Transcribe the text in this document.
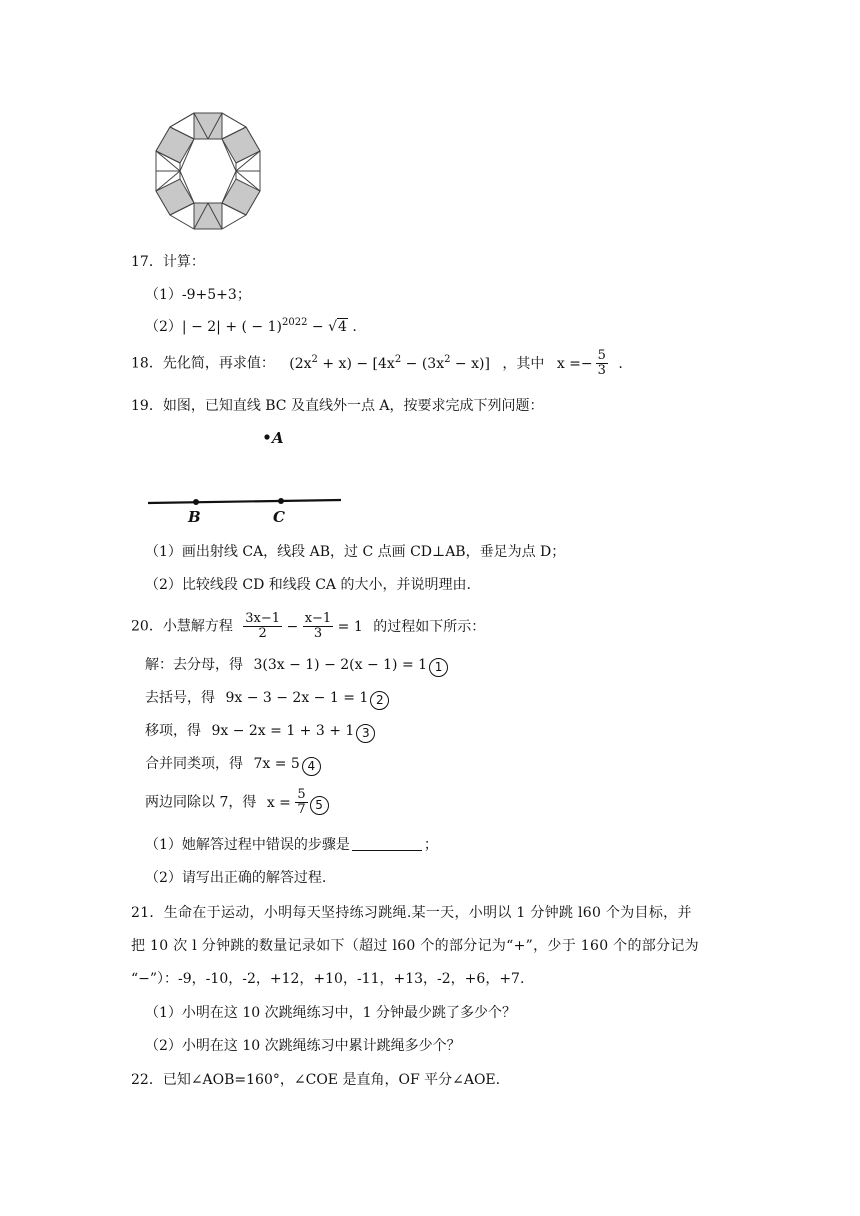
17．计算：
（1）-9+5+3；
（2）| − 2| + ( − 1)$^{2022}$ − √4 .
18．先化简，再求值： $(2x^2 + x) - [4x^2 - (3x^2 - x)]$ ，其中 $x =- \frac{5}{3}$ .
19．如图，已知直线 BC 及直线外一点 A，按要求完成下列问题：
A
B	C
（1）画出射线 CA，线段 AB，过 C 点画 CD⊥AB，垂足为点 D；
（2）比较线段 CD 和线段 CA 的大小，并说明理由.
20．小慧解方程 $\frac{3x-1}{2} - \frac{x-1}{3} = 1$ 的过程如下所示：
解：去分母，得 3(3x − 1) − 2(x − 1) = 1 1
去括号，得 9x − 3 − 2x − 1 = 1 2
移项，得 9x − 2x = 1 + 3 + 1 3
合并同类项，得 7x = 5 4
两边同除以 7，得 $x = \frac{5}{7} 5$
（1）她解答过程中错误的步骤是	；
（2）请写出正确的解答过程.
21．生命在于运动，小明每天坚持练习跳绳.某一天，小明以 1 分钟跳 l60 个为目标，并
把 10 次 l 分钟跳的数量记录如下（超过 l60 个的部分记为“+”，少于 160 个的部分记为
“−”）：-9，-10，-2，+12，+10，-11，+13，-2，+6，+7.
（1）小明在这 10 次跳绳练习中，1 分钟最少跳了多少个？
（2）小明在这 10 次跳绳练习中累计跳绳多少个？
22．已知∠AOB=160°，∠COE 是直角，OF 平分∠AOE.
